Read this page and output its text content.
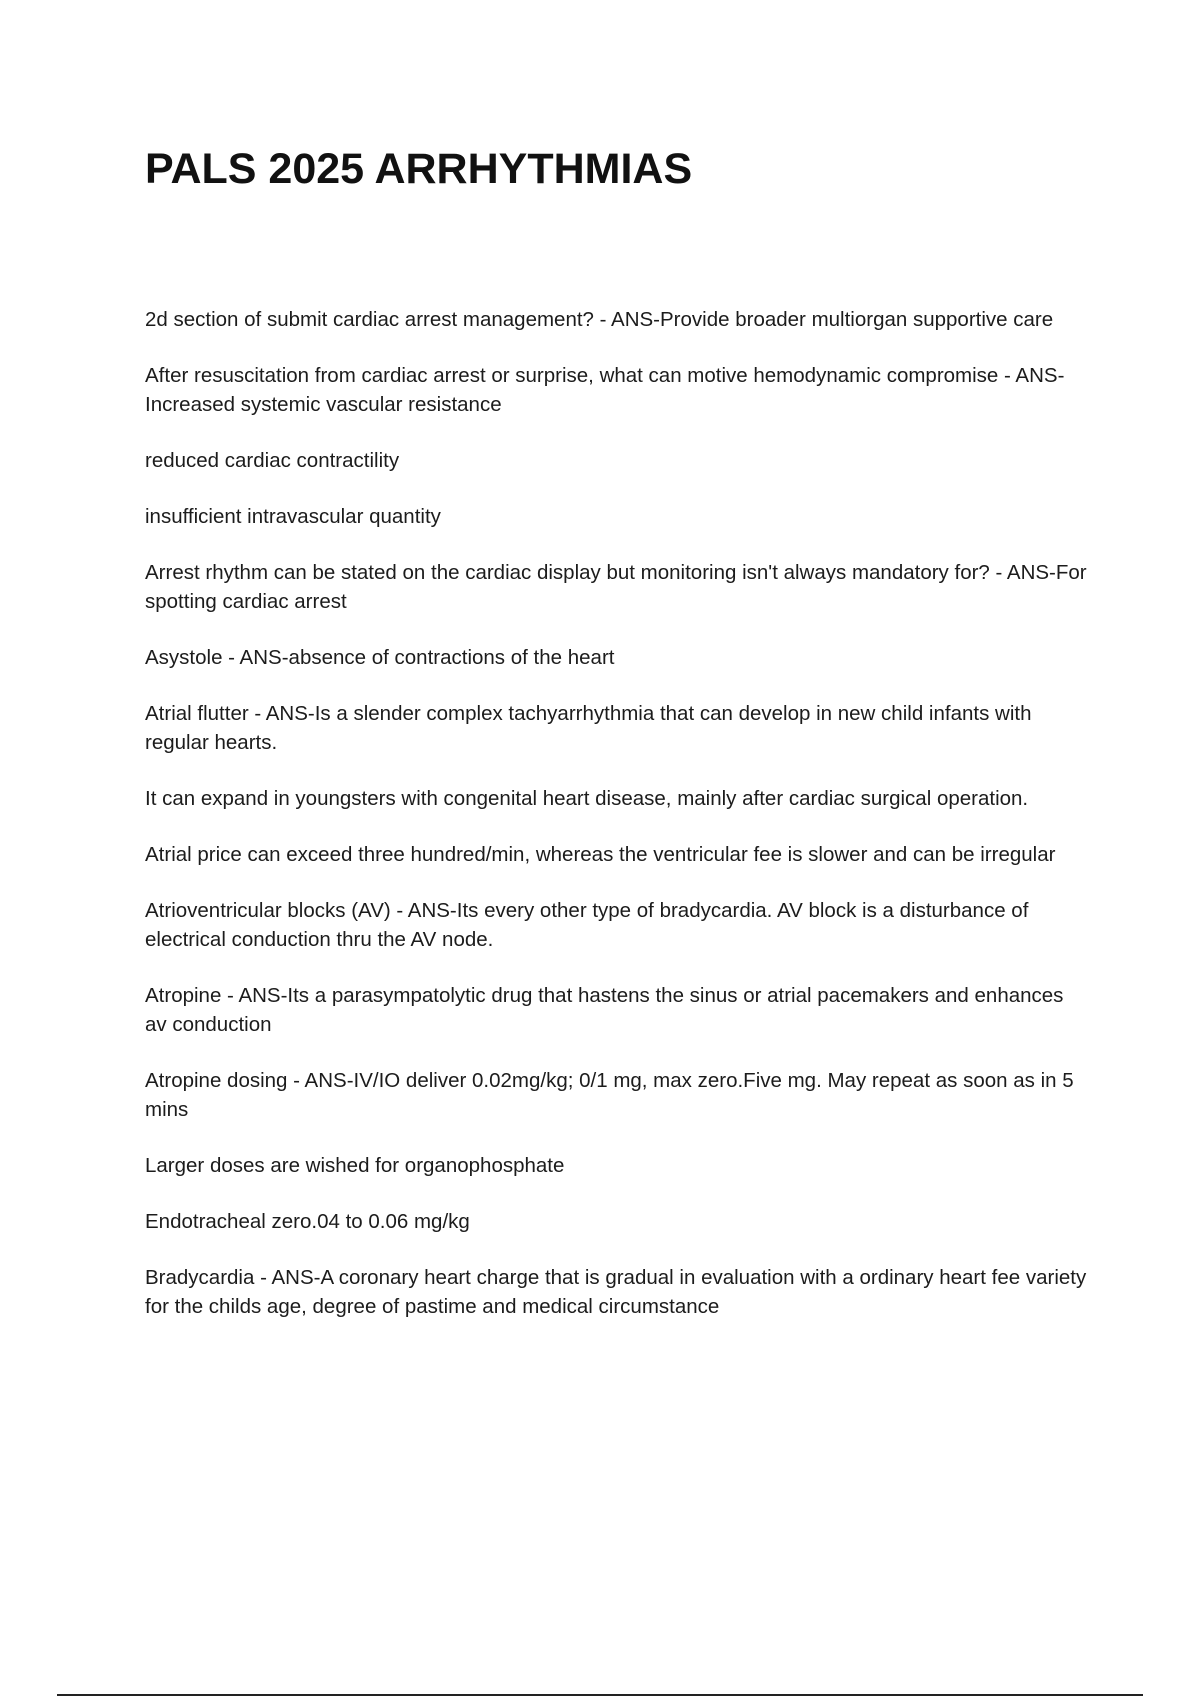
PALS 2025 ARRHYTHMIAS

2d section of submit cardiac arrest management? - ANS-Provide broader multiorgan supportive care

After resuscitation from cardiac arrest or surprise, what can motive hemodynamic compromise - ANS-Increased systemic vascular resistance

reduced cardiac contractility

insufficient intravascular quantity

Arrest rhythm can be stated on the cardiac display but monitoring isn't always mandatory for? - ANS-For spotting cardiac arrest

Asystole - ANS-absence of contractions of the heart

Atrial flutter - ANS-Is a slender complex tachyarrhythmia that can develop in new child infants with regular hearts.

It can expand in youngsters with congenital heart disease, mainly after cardiac surgical operation.

Atrial price can exceed three hundred/min, whereas the ventricular fee is slower and can be irregular

Atrioventricular blocks (AV) - ANS-Its every other type of bradycardia. AV block is a disturbance of electrical conduction thru the AV node.

Atropine - ANS-Its a parasympatolytic drug that hastens the sinus or atrial pacemakers and enhances av conduction

Atropine dosing - ANS-IV/IO deliver 0.02mg/kg; 0/1 mg, max zero.Five mg. May repeat as soon as in 5 mins

Larger doses are wished for organophosphate

Endotracheal zero.04 to 0.06 mg/kg

Bradycardia - ANS-A coronary heart charge that is gradual in evaluation with a ordinary heart fee variety for the childs age, degree of pastime and medical circumstance
